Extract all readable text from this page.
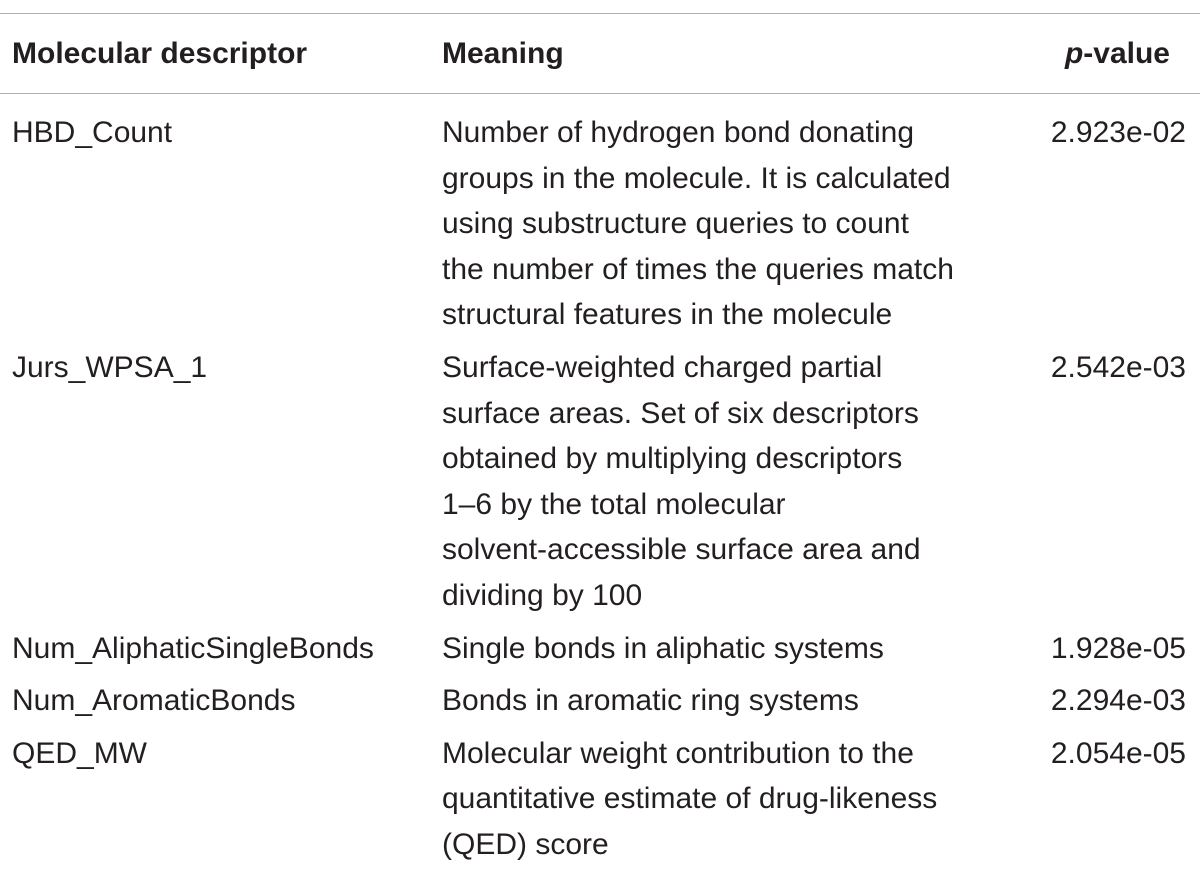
Molecular descriptor	Meaning	p-value
HBD_Count	Number of hydrogen bond donating
groups in the molecule. It is calculated
using substructure queries to count
the number of times the queries match
structural features in the molecule
2.923e-02
Jurs_WPSA_1	Surface-weighted charged partial
surface areas. Set of six descriptors
obtained by multiplying descriptors
1–6 by the total molecular
solvent-accessible surface area and
dividing by 100
2.542e-03
Num_AliphaticSingleBonds Single bonds in aliphatic systems	1.928e-05
Num_AromaticBonds	Bonds in aromatic ring systems	2.294e-03
QED_MW	Molecular weight contribution to the
quantitative estimate of drug-likeness
(QED) score
2.054e-05
